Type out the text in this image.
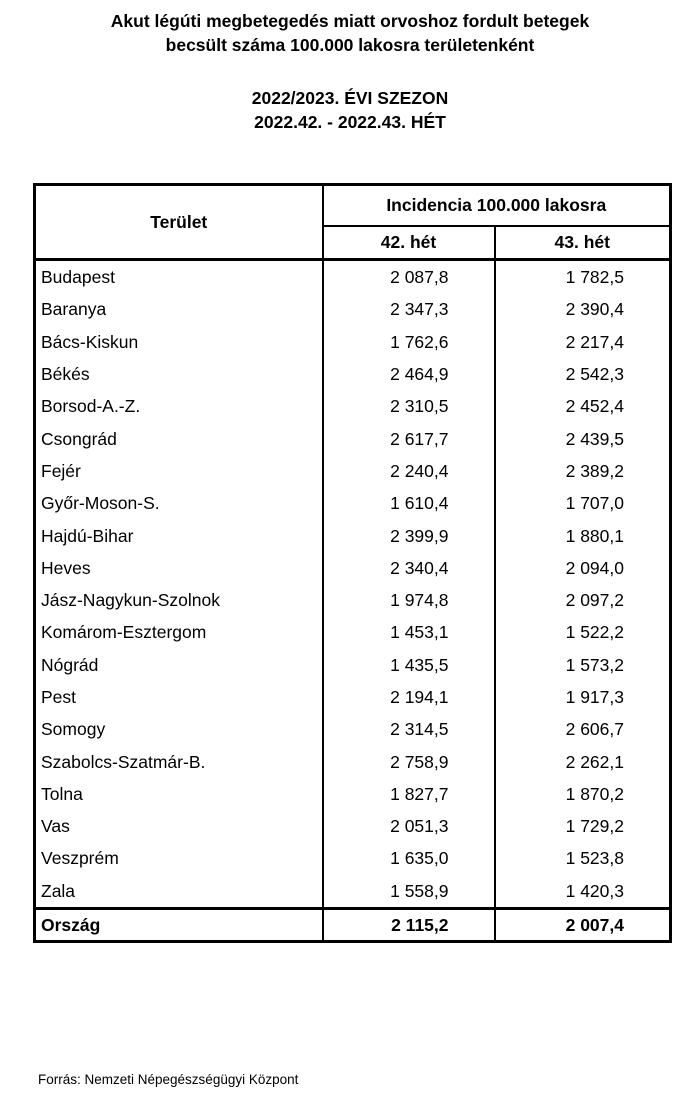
Akut légúti megbetegedés miatt orvoshoz fordult betegek
becsült száma 100.000 lakosra területenként
2022/2023. ÉVI SZEZON
2022.42. - 2022.43. HÉT
Terület	Incidencia 100.000 lakosra	
	42. hét	43. hét
Budapest	2 087,8	1 782,5
Baranya	2 347,3	2 390,4
Bács-Kiskun	1 762,6	2 217,4
Békés	2 464,9	2 542,3
Borsod-A.-Z.	2 310,5	2 452,4
Csongrád	2 617,7	2 439,5
Fejér	2 240,4	2 389,2
Győr-Moson-S.	1 610,4	1 707,0
Hajdú-Bihar	2 399,9	1 880,1
Heves	2 340,4	2 094,0
Jász-Nagykun-Szolnok	1 974,8	2 097,2
Komárom-Esztergom	1 453,1	1 522,2
Nógrád	1 435,5	1 573,2
Pest	2 194,1	1 917,3
Somogy	2 314,5	2 606,7
Szabolcs-Szatmár-B.	2 758,9	2 262,1
Tolna	1 827,7	1 870,2
Vas	2 051,3	1 729,2
Veszprém	1 635,0	1 523,8
Zala	1 558,9	1 420,3
Ország	2 115,2	2 007,4
Forrás: Nemzeti Népegészségügyi Központ
